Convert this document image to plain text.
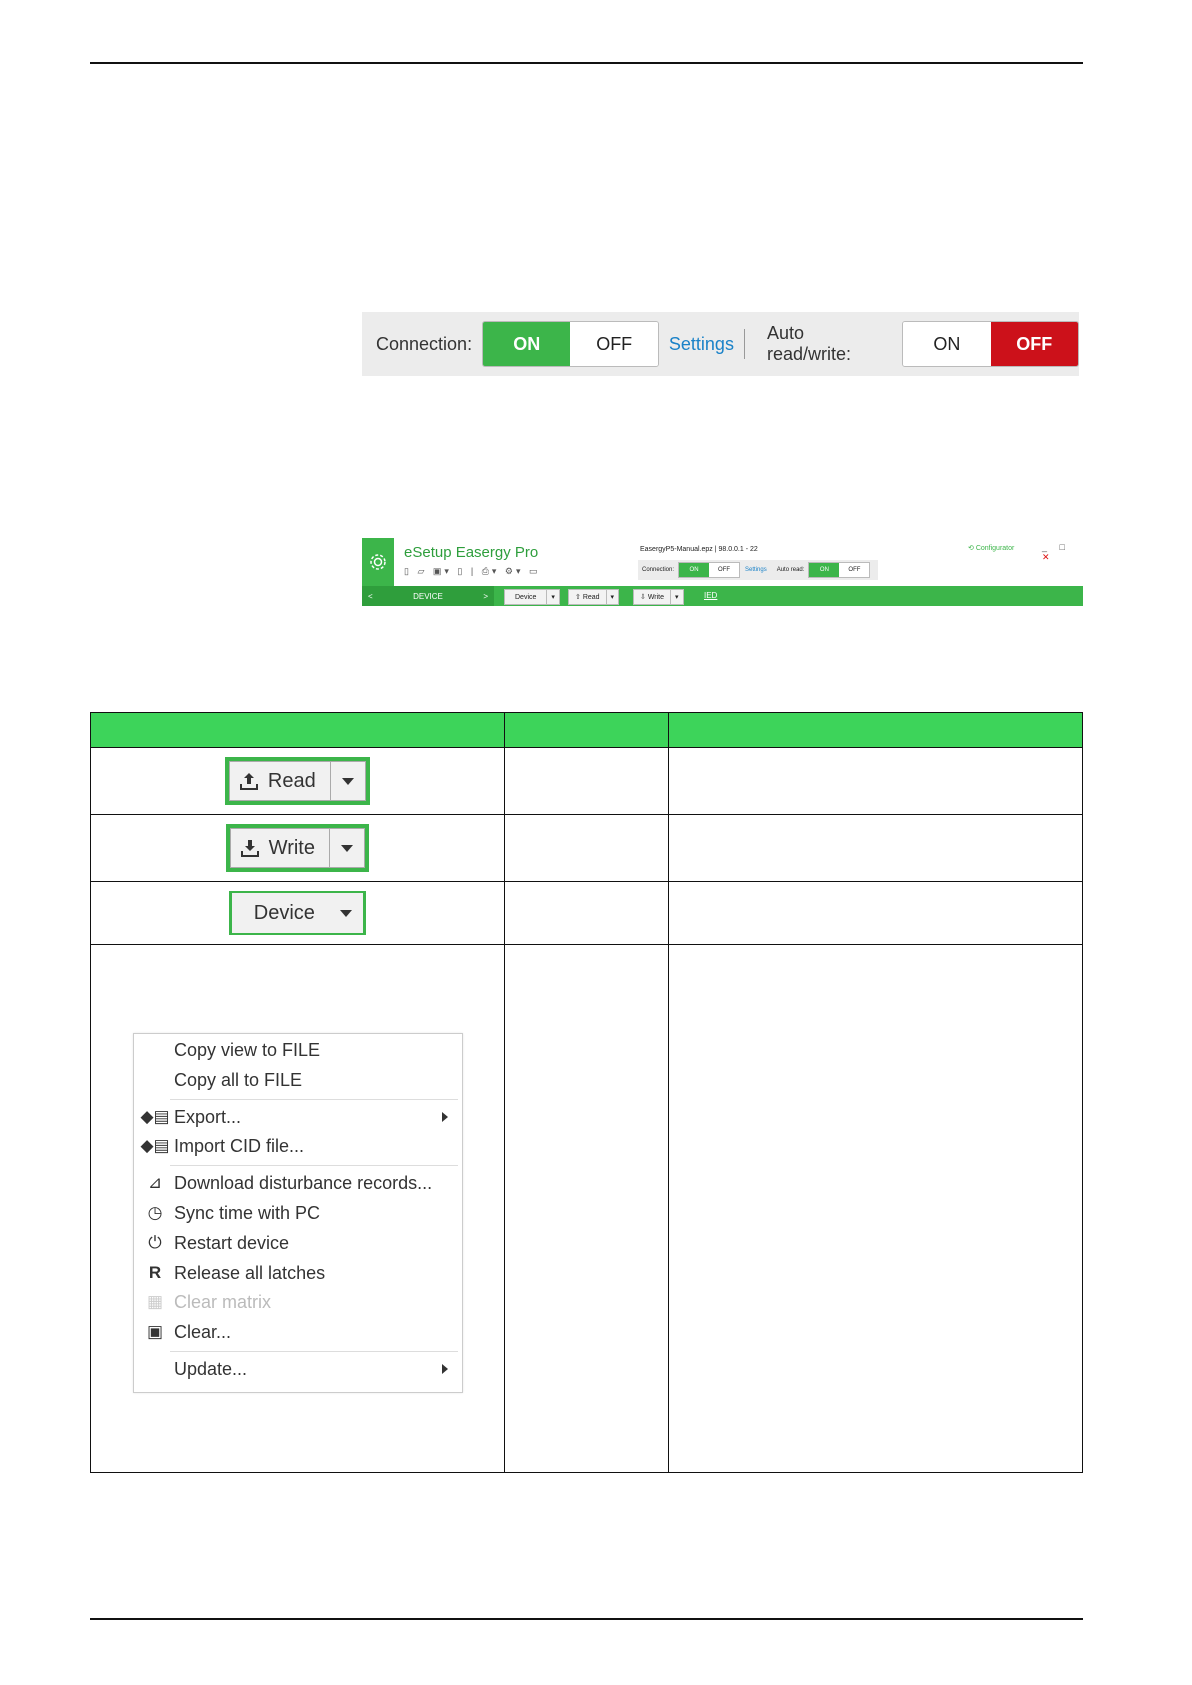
Connection:	ON	OFF	Settings
Auto read/write:
ON	OFF
eSetup Easergy Pro
▯ ▱ ▣▾ ▯ | ⎙▾ ⚙▾ ▭
EasergyP5-Manual.epz | 98.0.0.1 - 22
Connection:	ON	OFF	Settings Auto read:	ON	OFF
⟲ Configurator	_ □ ✕
<	DEVICE	>	Device	▾	⇧ Read	▾	⇩ Write	▾	IED

Read		

Write		

Device		

Copy view to FILE
Copy all to FILE
◆▤ Export...
◆▤ Import CID file...
⊿ Download disturbance records...
◷ Sync time with PC
⏻ Restart device
R Release all latches
▦ Clear matrix
▣ Clear...
Update...
